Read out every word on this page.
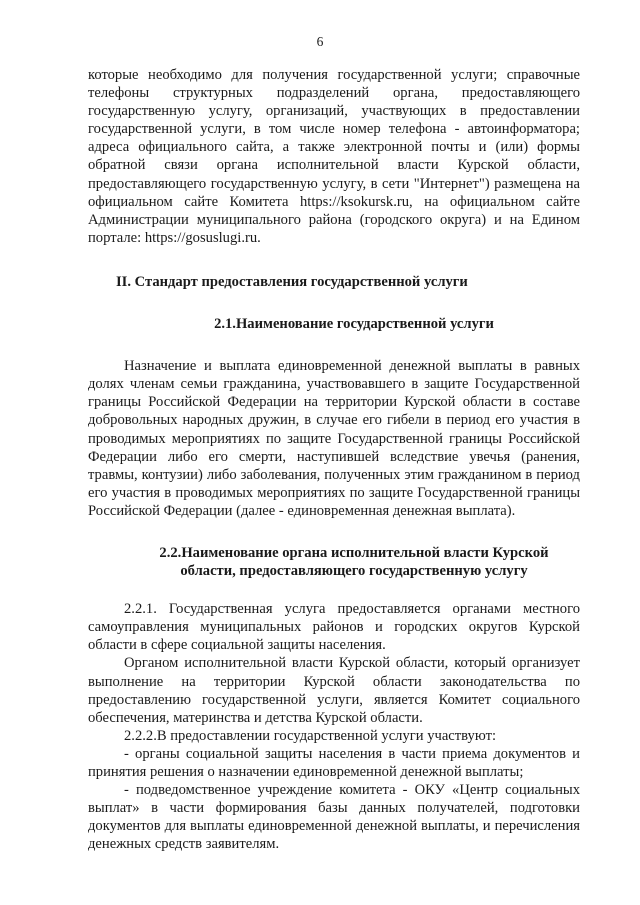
6

которые необходимо для получения государственной услуги; справочные телефоны структурных подразделений органа, предоставляющего государственную услугу, организаций, участвующих в предоставлении государственной услуги, в том числе номер телефона - автоинформатора; адреса официального сайта, а также электронной почты и (или) формы обратной связи органа исполнительной власти Курской области, предоставляющего государственную услугу, в сети "Интернет") размещена на официальном сайте Комитета https://ksokursk.ru, на официальном сайте Администрации муниципального района (городского округа) и на Едином портале: https://gosuslugi.ru.

II. Стандарт предоставления государственной услуги
2.1.Наименование государственной услуги

Назначение и выплата единовременной денежной выплаты в равных долях членам семьи гражданина, участвовавшего в защите Государственной границы Российской Федерации на территории Курской области в составе добровольных народных дружин, в случае его гибели в период его участия в проводимых мероприятиях по защите Государственной границы Российской Федерации либо его смерти, наступившей вследствие увечья (ранения, травмы, контузии) либо заболевания, полученных этим гражданином в период его участия в проводимых мероприятиях по защите Государственной границы Российской Федерации (далее - единовременная денежная выплата).

2.2.Наименование органа исполнительной власти Курской
области, предоставляющего государственную услугу

2.2.1. Государственная услуга предоставляется органами местного самоуправления муниципальных районов и городских округов Курской области в сфере социальной защиты населения.

Органом исполнительной власти Курской области, который организует выполнение на территории Курской области законодательства по предоставлению государственной услуги, является Комитет социального обеспечения, материнства и детства Курской области.

2.2.2.В предоставлении государственной услуги участвуют:

- органы социальной защиты населения в части приема документов и принятия решения о назначении единовременной денежной выплаты;

- подведомственное учреждение комитета - ОКУ «Центр социальных выплат» в части формирования базы данных получателей, подготовки документов для выплаты единовременной денежной выплаты, и перечисления денежных средств заявителям.
